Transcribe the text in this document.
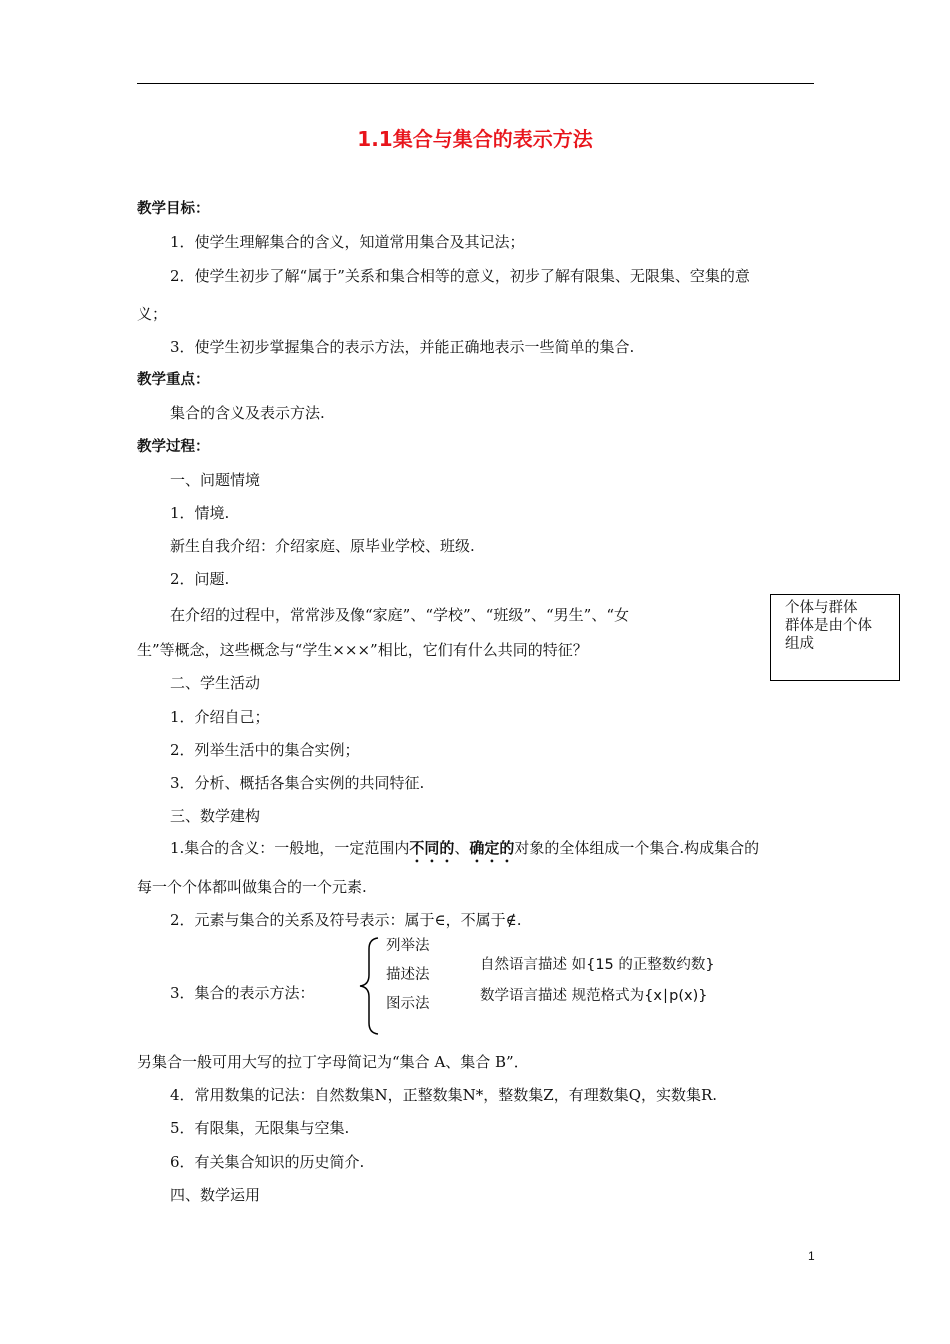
1.1集合与集合的表示方法
教学目标：
1．使学生理解集合的含义，知道常用集合及其记法；
2．使学生初步了解“属于”关系和集合相等的意义，初步了解有限集、无限集、空集的意
义；
3．使学生初步掌握集合的表示方法，并能正确地表示一些简单的集合.
教学重点：
集合的含义及表示方法.
教学过程：
一、问题情境
1．情境.
新生自我介绍：介绍家庭、原毕业学校、班级.
2．问题.
在介绍的过程中，常常涉及像“家庭”、“学校”、“班级”、“男生”、“女
生”等概念，这些概念与“学生×××”相比，它们有什么共同的特征？
个体与群体
群体是由个体
组成
二、学生活动
1．介绍自己；
2．列举生活中的集合实例；
3．分析、概括各集合实例的共同特征.
三、数学建构
1.集合的含义：一般地，一定范围内不同的、确定的对象的全体组成一个集合.构成集合的
每一个个体都叫做集合的一个元素.
2．元素与集合的关系及符号表示：属于∈，不属于∉.
3．集合的表示方法：
列举法
描述法
图示法
自然语言描述 如{15 的正整数约数}
数学语言描述 规范格式为{x∣p(x)}
另集合一般可用大写的拉丁字母简记为“集合 A、集合 B”．
4．常用数集的记法：自然数集N，正整数集N*，整数集Z，有理数集Q，实数集R.
5．有限集，无限集与空集.
6．有关集合知识的历史简介.
四、数学运用
1
